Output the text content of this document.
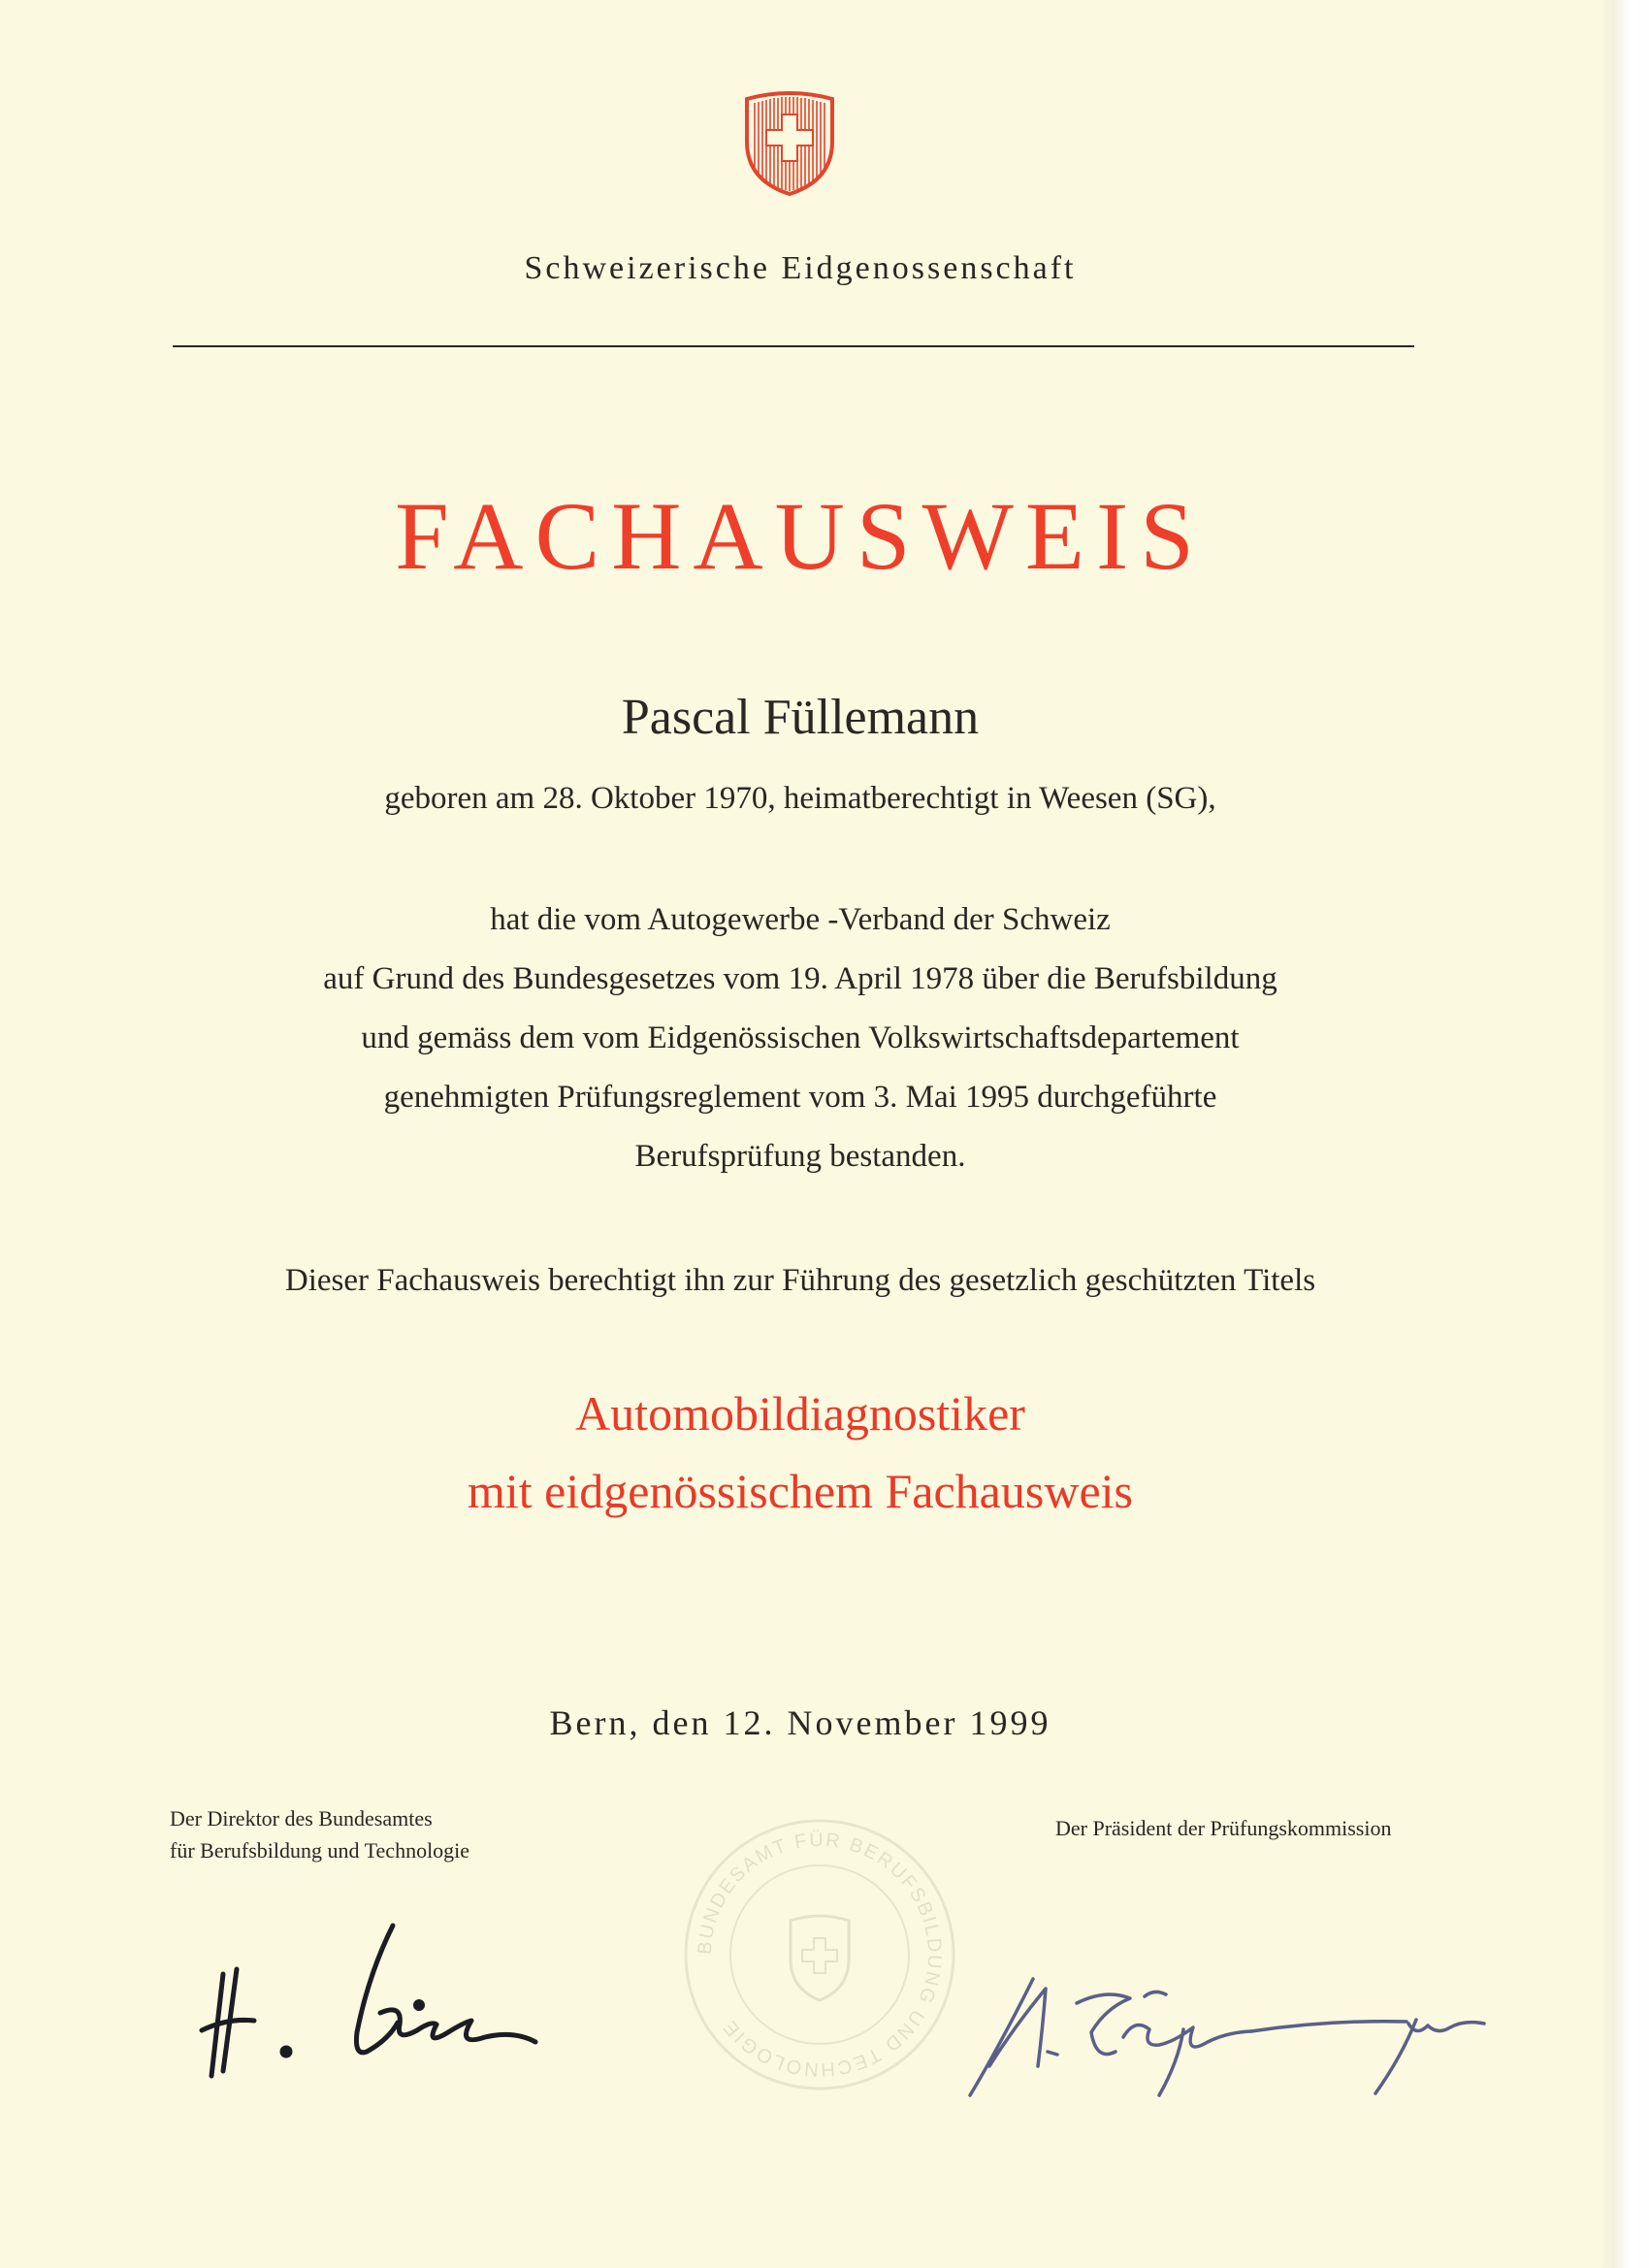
Schweizerische Eidgenossenschaft
FACHAUSWEIS
Pascal Füllemann
geboren am 28. Oktober 1970, heimatberechtigt in Weesen (SG),
hat die vom Autogewerbe -Verband der Schweiz
auf Grund des Bundesgesetzes vom 19. April 1978 über die Berufsbildung
und gemäss dem vom Eidgenössischen Volkswirtschaftsdepartement
genehmigten Prüfungsreglement vom 3. Mai 1995 durchgeführte
Berufsprüfung bestanden.
Dieser Fachausweis berechtigt ihn zur Führung des gesetzlich geschützten Titels
Automobildiagnostiker
mit eidgenössischem Fachausweis
Bern, den 12. November 1999
Der Direktor des Bundesamtes
für Berufsbildung und Technologie
Der Präsident der Prüfungskommission
BUNDESAMT FÜR BERUFSBILDUNG UND TECHNOLOGIE
